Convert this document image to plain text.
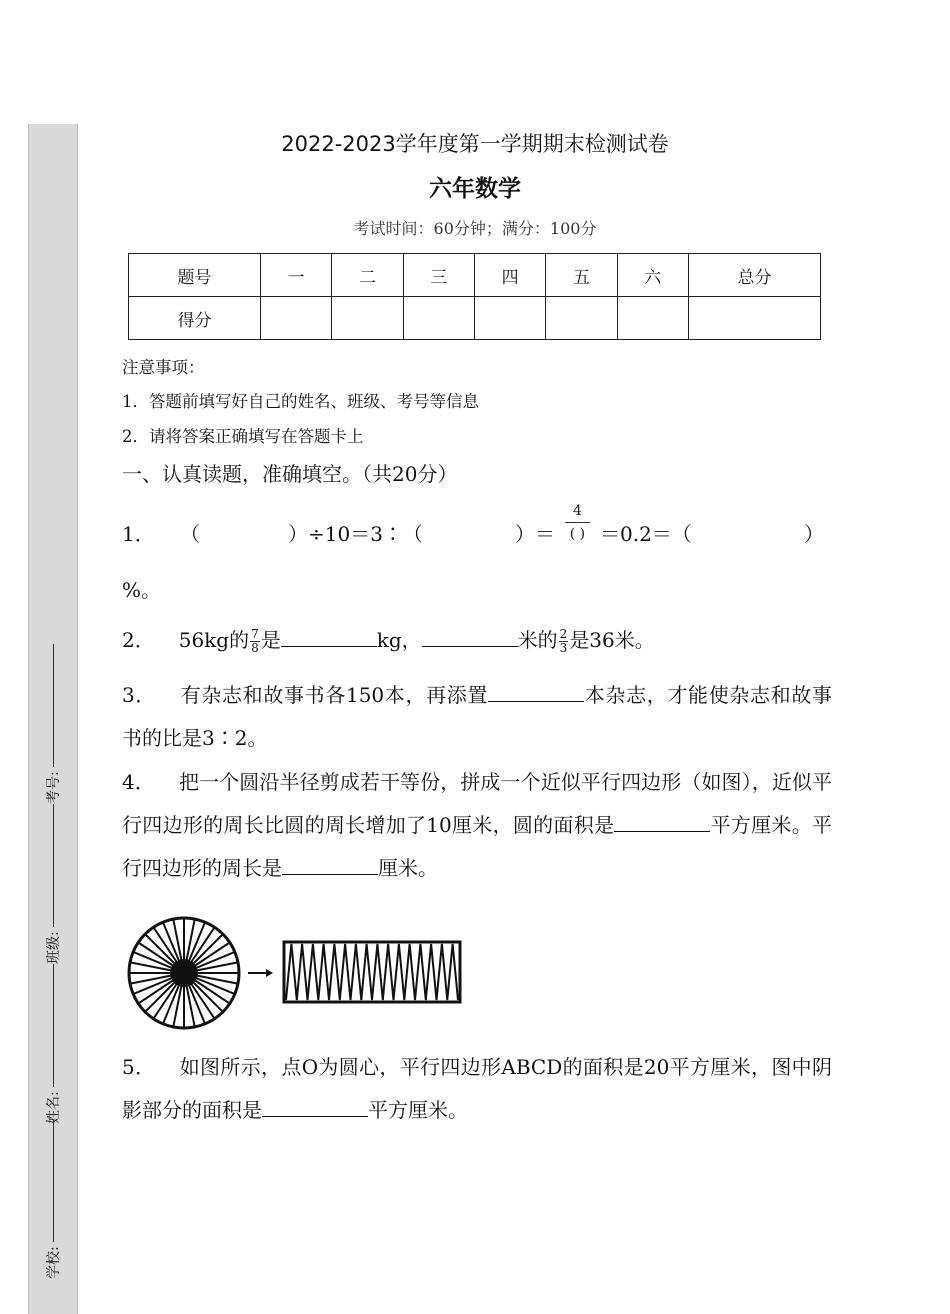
考号:
班级:
姓名:
学校:
2022-2023学年度第一学期期末检测试卷
六年数学
考试时间：60分钟；满分：100分
题号	一	二	三	四	五	六	总分
得分							
注意事项：
1．答题前填写好自己的姓名、班级、考号等信息
2．请将答案正确填写在答题卡上
一、认真读题，准确填空。（共20分）
1． （	） ÷10＝3∶（	）＝
4
( ) ＝0.2＝（	）
%。
2． 56kg的 $\frac{7}{8}$ 是	kg，	米的 $\frac{2}{3}$ 是36米。
3． 有杂志和故事书各150本，再添置	本杂志，才能使杂志和故事书的比是3∶2。
4． 把一个圆沿半径剪成若干等份，拼成一个近似平行四边形（如图），近似平行四边形的周长比圆的周长增加了10厘米，圆的面积是	平方厘米。平行四边形的周长是	厘米。
5． 如图所示，点O为圆心，平行四边形ABCD的面积是20平方厘米，图中阴影部分的面积是	平方厘米。
